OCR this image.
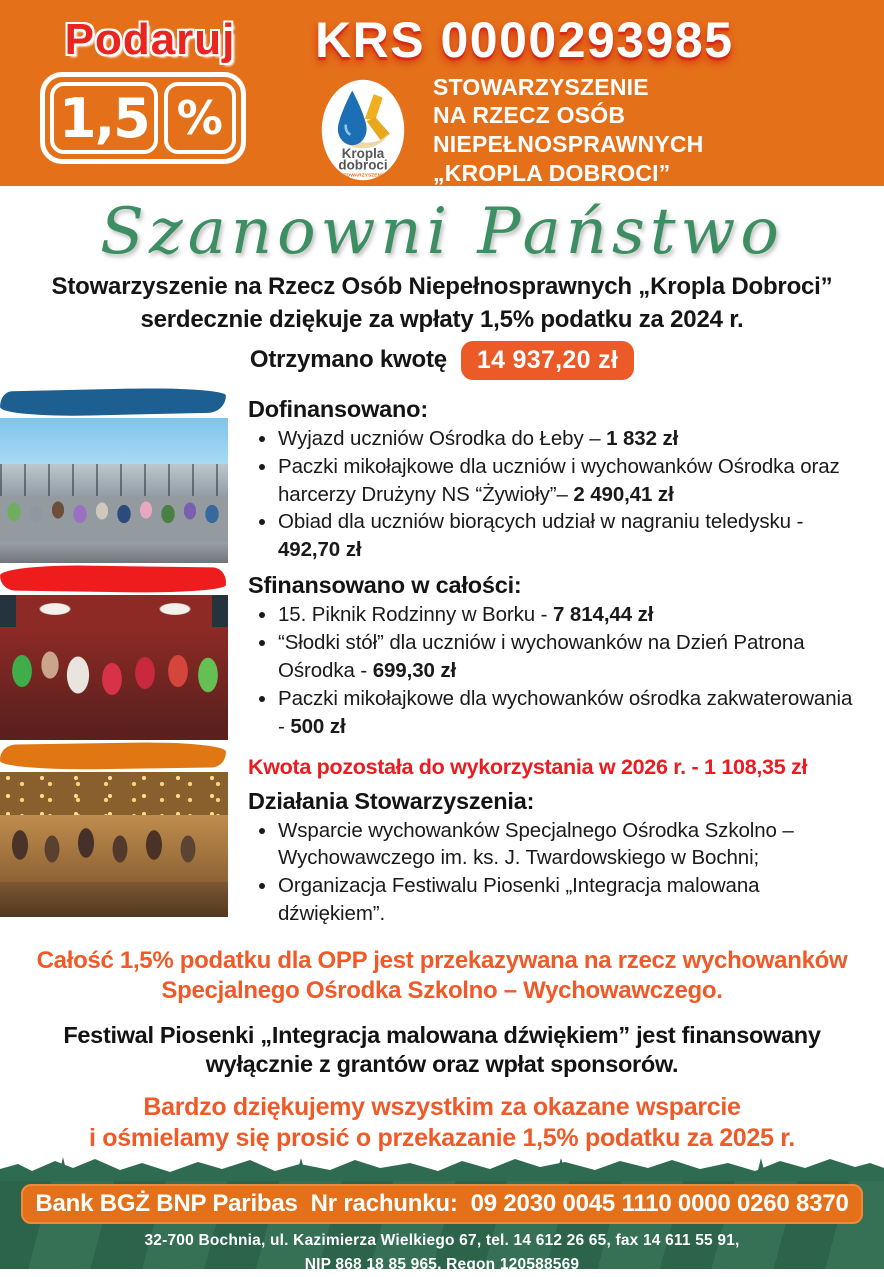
Podaruj
1,5 %
KRS 0000293985
Kropla
dobroci
STOWARZYSZENIE
STOWARZYSZENIE
NA RZECZ OSÓB NIEPEŁNOSPRAWNYCH
„KROPLA DOBROCI”
Szanowni Państwo
Stowarzyszenie na Rzecz Osób Niepełnosprawnych „Kropla Dobroci”
serdecznie dziękuje za wpłaty 1,5% podatku za 2024 r.
Otrzymano kwotę	14 937,20 zł
Dofinansowano:
• Wyjazd uczniów Ośrodka do Łeby – 1 832 zł
• Paczki mikołajkowe dla uczniów i wychowanków Ośrodka oraz harcerzy Drużyny NS “Żywioły”– 2 490,41 zł
• Obiad dla uczniów biorących udział w nagraniu teledysku - 492,70 zł
Sfinansowano w całości:
• 15. Piknik Rodzinny w Borku - 7 814,44 zł
• “Słodki stół” dla uczniów i wychowanków na Dzień Patrona Ośrodka - 699,30 zł
• Paczki mikołajkowe dla wychowanków ośrodka zakwaterowania - 500 zł
Kwota pozostała do wykorzystania w 2026 r. - 1 108,35 zł
Działania Stowarzyszenia:
• Wsparcie wychowanków Specjalnego Ośrodka Szkolno – Wychowawczego im. ks. J. Twardowskiego w Bochni;
• Organizacja Festiwalu Piosenki „Integracja malowana dźwiękiem”.

Całość 1,5% podatku dla OPP jest przekazywana na rzecz wychowanków
Specjalnego Ośrodka Szkolno – Wychowawczego.

Festiwal Piosenki „Integracja malowana dźwiękiem” jest finansowany
wyłącznie z grantów oraz wpłat sponsorów.

Bardzo dziękujemy wszystkim za okazane wsparcie
i ośmielamy się prosić o przekazanie 1,5% podatku za 2025 r.

Bank BGŻ BNP Paribas Nr rachunku: 09 2030 0045 1110 0000 0260 8370
32-700 Bochnia, ul. Kazimierza Wielkiego 67, tel. 14 612 26 65, fax 14 611 55 91,
NIP 868 18 85 965, Regon 120588569
